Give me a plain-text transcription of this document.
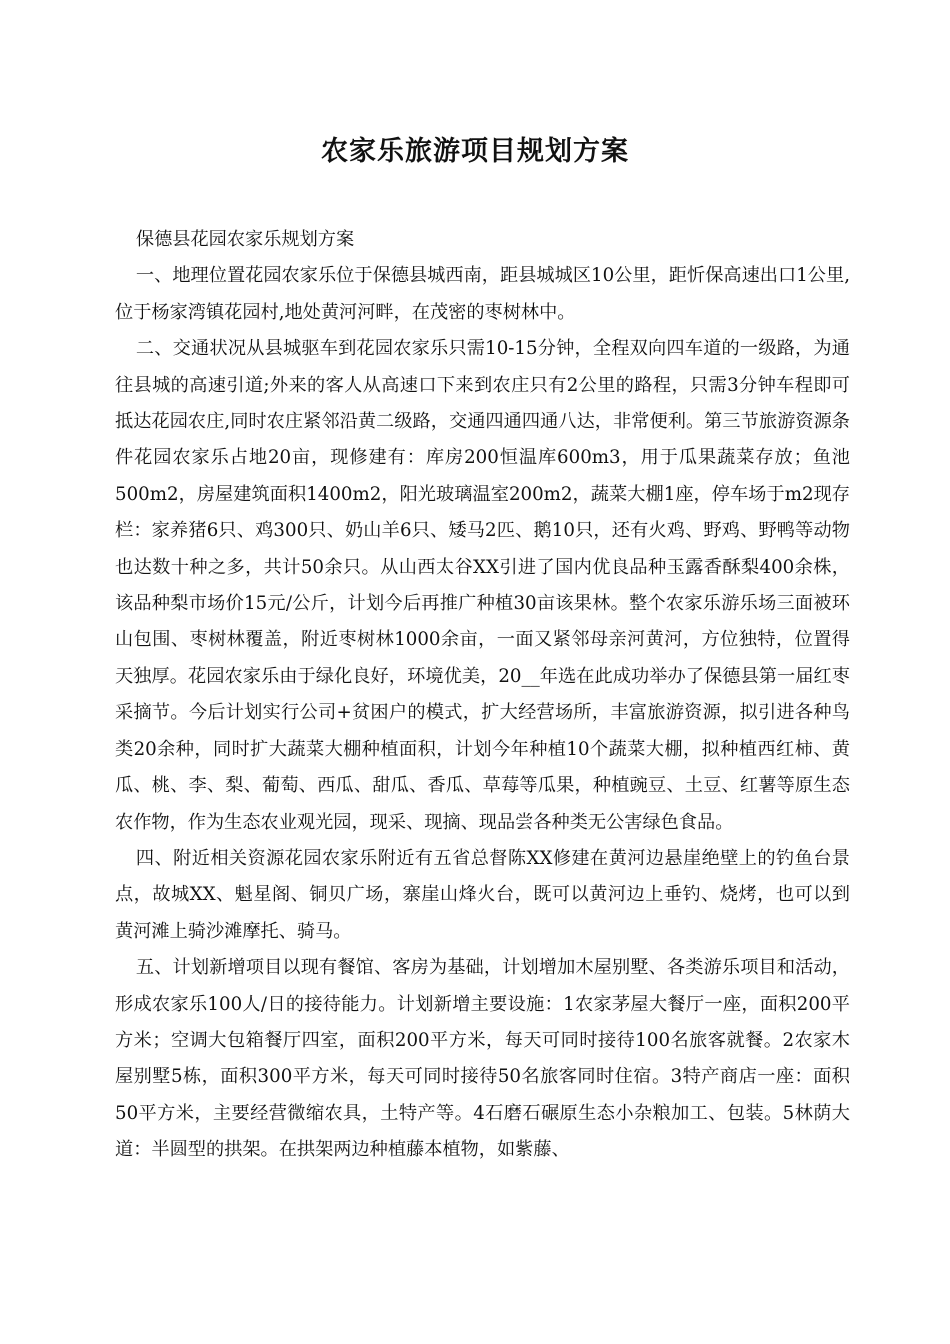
农家乐旅游项目规划方案

保德县花园农家乐规划方案

一、地理位置花园农家乐位于保德县城西南，距县城城区10公里，距忻保高速出口1公里,位于杨家湾镇花园村,地处黄河河畔，在茂密的枣树林中。

二、交通状况从县城驱车到花园农家乐只需10-15分钟，全程双向四车道的一级路，为通往县城的高速引道;外来的客人从高速口下来到农庄只有2公里的路程，只需3分钟车程即可抵达花园农庄,同时农庄紧邻沿黄二级路，交通四通四通八达，非常便利。第三节旅游资源条件花园农家乐占地20亩，现修建有：库房200恒温库600m3，用于瓜果蔬菜存放；鱼池500m2，房屋建筑面积1400m2，阳光玻璃温室200m2，蔬菜大棚1座，停车场于m2现存栏：家养猪6只、鸡300只、奶山羊6只、矮马2匹、鹅10只，还有火鸡、野鸡、野鸭等动物也达数十种之多，共计50余只。从山西太谷XX引进了国内优良品种玉露香酥梨400余株，该品种梨市场价15元/公斤，计划今后再推广种植30亩该果林。整个农家乐游乐场三面被环山包围、枣树林覆盖，附近枣树林1000余亩，一面又紧邻母亲河黄河，方位独特，位置得天独厚。花园农家乐由于绿化良好，环境优美，20__年选在此成功举办了保德县第一届红枣采摘节。今后计划实行公司+贫困户的模式，扩大经营场所，丰富旅游资源，拟引进各种鸟类20余种，同时扩大蔬菜大棚种植面积，计划今年种植10个蔬菜大棚，拟种植西红柿、黄瓜、桃、李、梨、葡萄、西瓜、甜瓜、香瓜、草莓等瓜果，种植豌豆、土豆、红薯等原生态农作物，作为生态农业观光园，现采、现摘、现品尝各种类无公害绿色食品。

四、附近相关资源花园农家乐附近有五省总督陈XX修建在黄河边悬崖绝壁上的钓鱼台景点，故城XX、魁星阁、铜贝广场，寨崖山烽火台，既可以黄河边上垂钓、烧烤，也可以到黄河滩上骑沙滩摩托、骑马。

五、计划新增项目以现有餐馆、客房为基础，计划增加木屋别墅、各类游乐项目和活动，形成农家乐100人/日的接待能力。计划新增主要设施：1农家茅屋大餐厅一座，面积200平方米；空调大包箱餐厅四室，面积200平方米，每天可同时接待100名旅客就餐。2农家木屋别墅5栋，面积300平方米，每天可同时接待50名旅客同时住宿。3特产商店一座：面积50平方米，主要经营微缩农具，土特产等。4石磨石碾原生态小杂粮加工、包装。5林荫大道：半圆型的拱架。在拱架两边种植藤本植物，如紫藤、
